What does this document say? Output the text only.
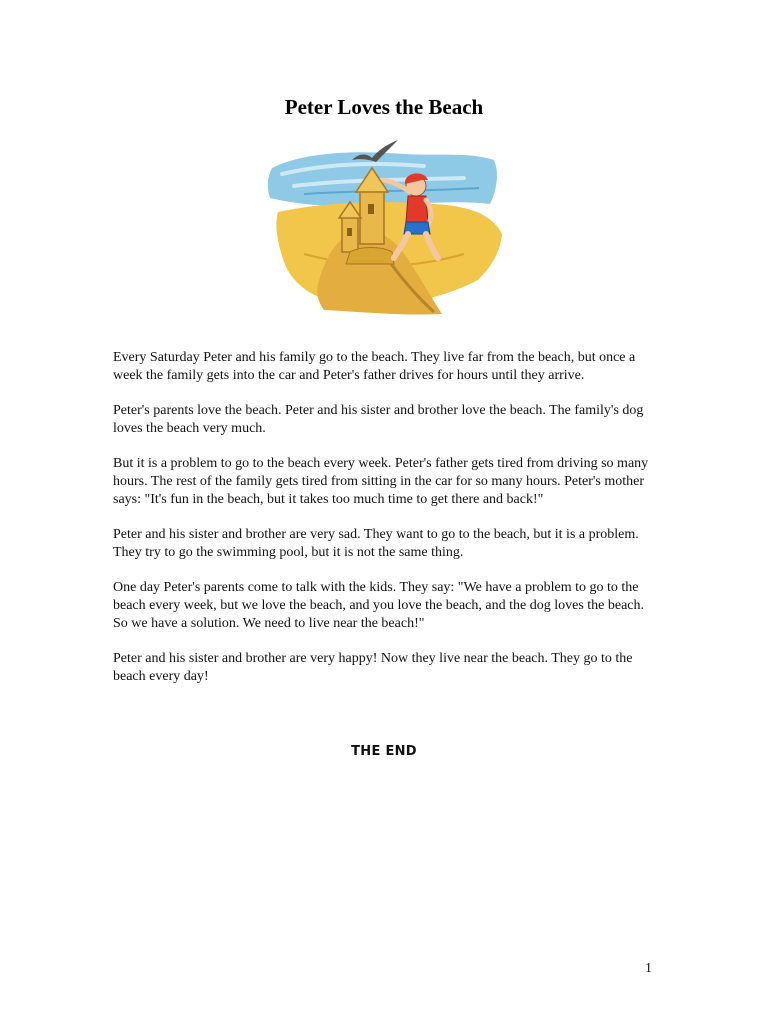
Peter Loves the Beach

Every Saturday Peter and his family go to the beach. They live far from the beach, but once a week the family gets into the car and Peter's father drives for hours until they arrive.

Peter's parents love the beach. Peter and his sister and brother love the beach. The family's dog loves the beach very much.

But it is a problem to go to the beach every week. Peter's father gets tired from driving so many hours. The rest of the family gets tired from sitting in the car for so many hours. Peter's mother says: "It's fun in the beach, but it takes too much time to get there and back!"

Peter and his sister and brother are very sad. They want to go to the beach, but it is a problem. They try to go the swimming pool, but it is not the same thing.

One day Peter's parents come to talk with the kids. They say: "We have a problem to go to the beach every week, but we love the beach, and you love the beach, and the dog loves the beach. So we have a solution. We need to live near the beach!"

Peter and his sister and brother are very happy! Now they live near the beach. They go to the beach every day!

THE END
1
